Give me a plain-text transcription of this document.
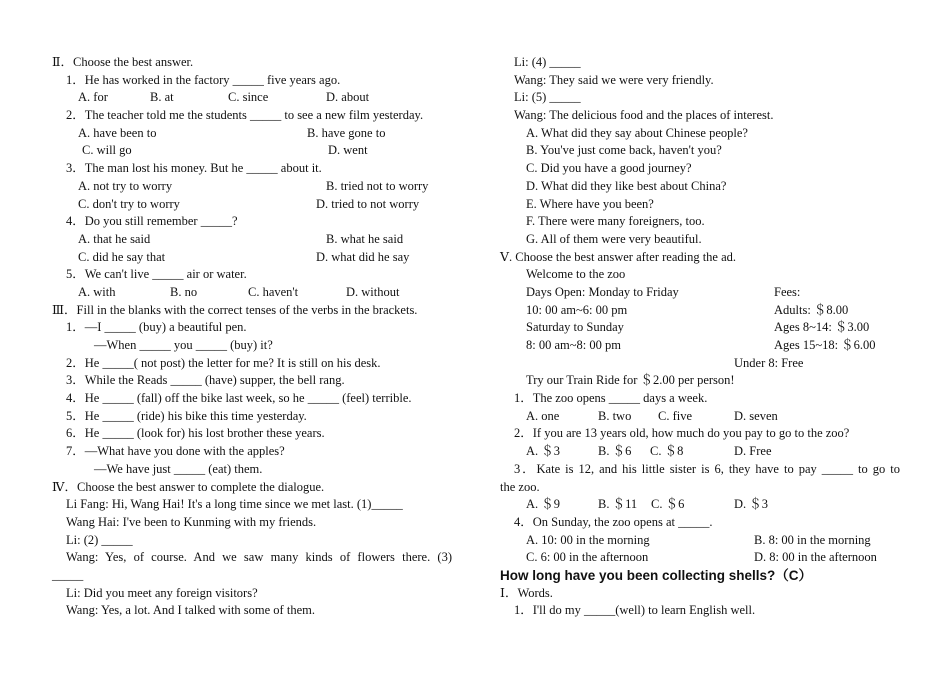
Ⅱ．Choose the best answer.
1．He has worked in the factory _____ five years ago.
A. for	B. at	C. since	D. about
2．The teacher told me the students _____ to see a new film yesterday.
A. have been to	B. have gone to
C. will go	D. went
3．The man lost his money. But he _____ about it.
A. not try to worry	B. tried not to worry
C. don't try to worry	D. tried to not worry
4．Do you still remember _____?
A. that he said	B. what he said
C. did he say that	D. what did he say
5．We can't live _____ air or water.
A. with	B. no	C. haven't	D. without
Ⅲ．Fill in the blanks with the correct tenses of the verbs in the brackets.
1．—I _____ (buy) a beautiful pen.
—When _____ you _____ (buy) it?
2．He _____( not post) the letter for me? It is still on his desk.
3．While the Reads _____ (have) supper, the bell rang.
4．He _____ (fall) off the bike last week, so he _____ (feel) terrible.
5．He _____ (ride) his bike this time yesterday.
6．He _____ (look for) his lost brother these years.
7．—What have you done with the apples?
—We have just _____ (eat) them.
Ⅳ．Choose the best answer to complete the dialogue.
Li Fang: Hi, Wang Hai! It's a long time since we met last. (1)_____
Wang Hai: I've been to Kunming with my friends.
Li: (2) _____
Wang: Yes, of course. And we saw many kinds of flowers there. (3)
_____
Li: Did you meet any foreign visitors?
Wang: Yes, a lot. And I talked with some of them.
Li: (4) _____
Wang: They said we were very friendly.
Li: (5) _____
Wang: The delicious food and the places of interest.
A. What did they say about Chinese people?
B. You've just come back, haven't you?
C. Did you have a good journey?
D. What did they like best about China?
E. Where have you been?
F. There were many foreigners, too.
G. All of them were very beautiful.
Ⅴ. Choose the best answer after reading the ad.
Welcome to the zoo
Days Open: Monday to Friday	Fees:
10: 00 am~6: 00 pm	Adults: ＄8.00
Saturday to Sunday	Ages 8~14: ＄3.00
8: 00 am~8: 00 pm	Ages 15~18: ＄6.00
Under 8: Free
Try our Train Ride for ＄2.00 per person!
1．The zoo opens _____ days a week.
A. one	B. two C. five	D. seven
2．If you are 13 years old, how much do you pay to go to the zoo?
A. ＄3	B. ＄6 C. ＄8	D. Free
3．Kate is 12, and his little sister is 6, they have to pay _____ to go to
the zoo.
A. ＄9	B. ＄11 C. ＄6	D. ＄3
4．On Sunday, the zoo opens at _____.
A. 10: 00 in the morning	B. 8: 00 in the morning
C. 6: 00 in the afternoon	D. 8: 00 in the afternoon
How long have you been collecting shells?（C）
Ⅰ．Words.
1．I'll do my _____(well) to learn English well.
